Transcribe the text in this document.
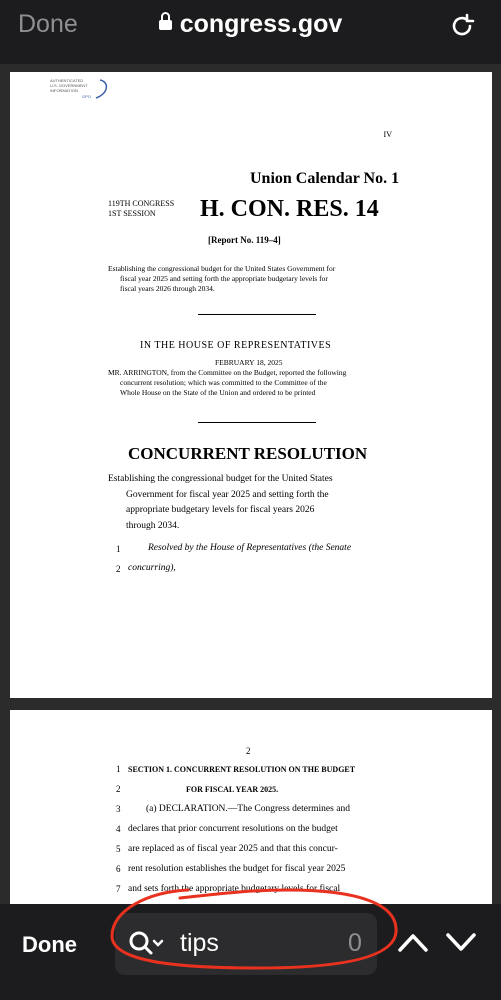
Done	congress.gov
AUTHENTICATED
U.S. GOVERNMENT
INFORMATION
GPO
IV
Union Calendar No. 1
119TH CONGRESS
1ST SESSION H. CON. RES. 14
[Report No. 119–4]
Establishing the congressional budget for the United States Government for
fiscal year 2025 and setting forth the appropriate budgetary levels for
fiscal years 2026 through 2034.
IN THE HOUSE OF REPRESENTATIVES
FEBRUARY 18, 2025
MR. ARRINGTON, from the Committee on the Budget, reported the following
concurrent resolution; which was committed to the Committee of the
Whole House on the State of the Union and ordered to be printed
CONCURRENT RESOLUTION
Establishing the congressional budget for the United States
Government for fiscal year 2025 and setting forth the
appropriate budgetary levels for fiscal years 2026
through 2034.
1	Resolved by the House of Representatives (the Senate
2 concurring),
2
1 SECTION 1. CONCURRENT RESOLUTION ON THE BUDGET
2	FOR FISCAL YEAR 2025.
3	(a) DECLARATION.—The Congress determines and
4 declares that prior concurrent resolutions on the budget
5 are replaced as of fiscal year 2025 and that this concur-
6 rent resolution establishes the budget for fiscal year 2025
7 and sets forth the appropriate budgetary levels for fiscal
Done	tips	0
